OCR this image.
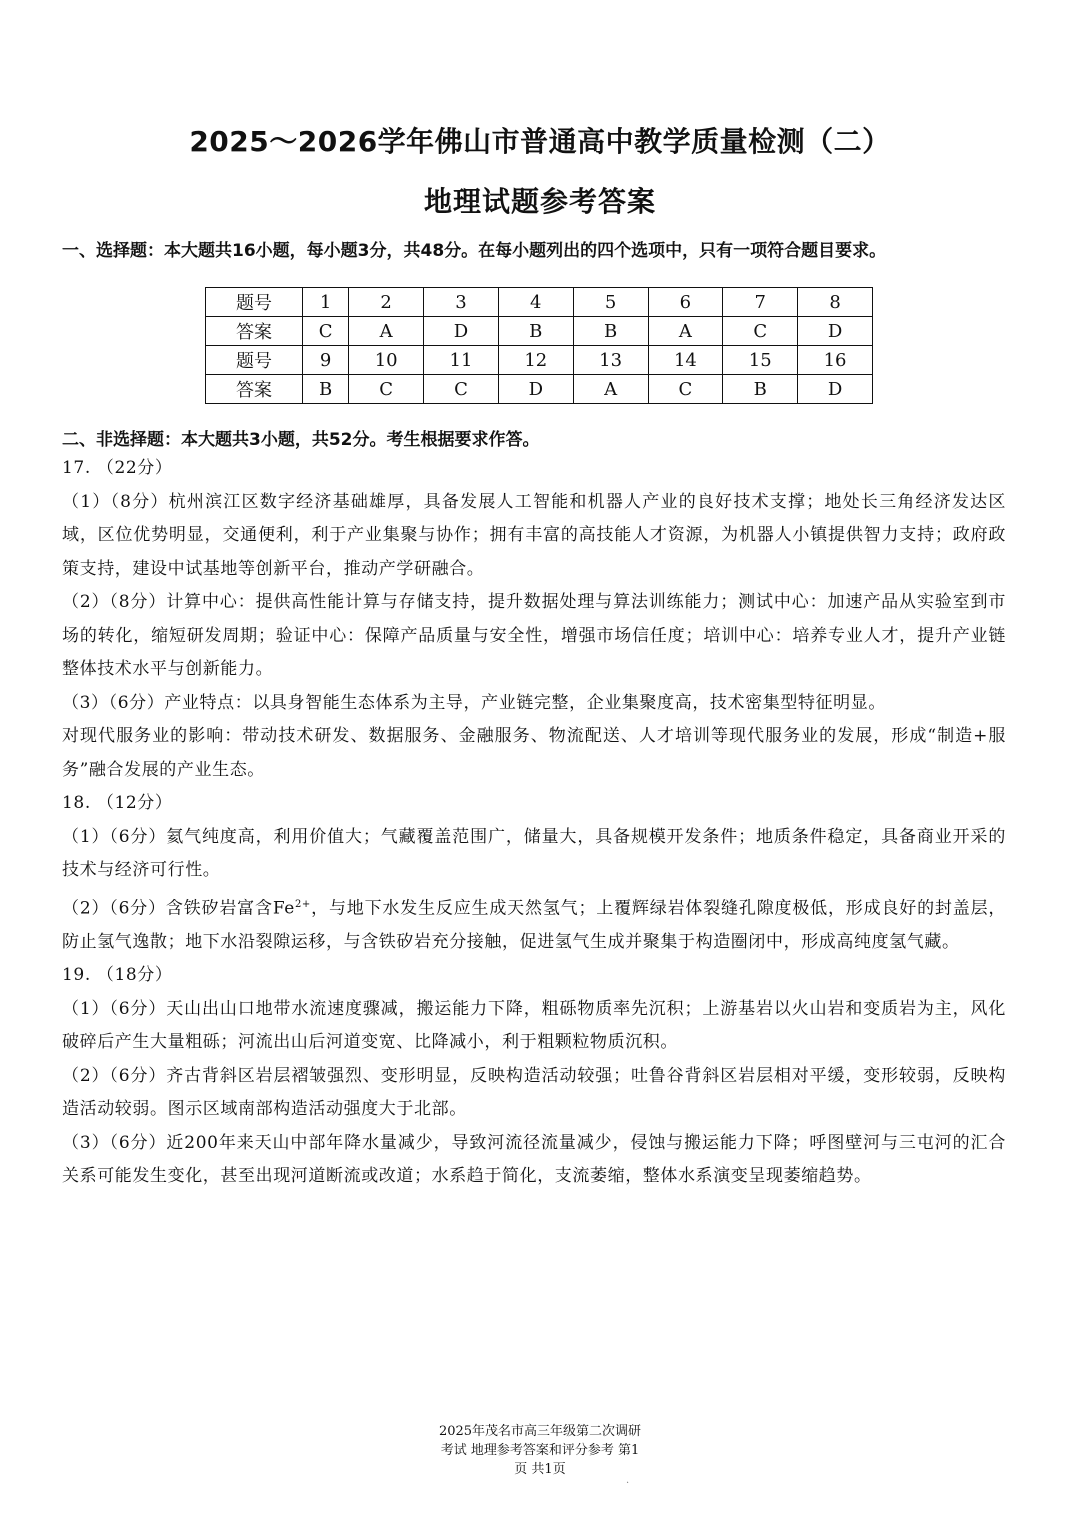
2025～2026学年佛山市普通高中教学质量检测（二）
地理试题参考答案
一、选择题：本大题共16小题，每小题3分，共48分。在每小题列出的四个选项中，只有一项符合题目要求。
题号	1	2	3	4	5	6	7	8
答案	C	A	D	B	B	A	C	D
题号	9	10	11	12	13	14	15	16
答案	B	C	C	D	A	C	B	D
二、非选择题：本大题共3小题，共52分。考生根据要求作答。

17. （22分）

（1）（8分）杭州滨江区数字经济基础雄厚，具备发展人工智能和机器人产业的良好技术支撑；地处长三角经济发达区域，区位优势明显，交通便利，利于产业集聚与协作；拥有丰富的高技能人才资源，为机器人小镇提供智力支持；政府政策支持，建设中试基地等创新平台，推动产学研融合。

（2）（8分）计算中心：提供高性能计算与存储支持，提升数据处理与算法训练能力；测试中心：加速产品从实验室到市场的转化，缩短研发周期；验证中心：保障产品质量与安全性，增强市场信任度；培训中心：培养专业人才，提升产业链整体技术水平与创新能力。

（3）（6分）产业特点：以具身智能生态体系为主导，产业链完整，企业集聚度高，技术密集型特征明显。

对现代服务业的影响：带动技术研发、数据服务、金融服务、物流配送、人才培训等现代服务业的发展，形成“制造+服务”融合发展的产业生态。

18. （12分）

（1）（6分）氦气纯度高，利用价值大；气藏覆盖范围广，储量大，具备规模开发条件；地质条件稳定，具备商业开采的技术与经济可行性。

（2）（6分）含铁矽岩富含$Fe^{2+}$，与地下水发生反应生成天然氢气；上覆辉绿岩体裂缝孔隙度极低，形成良好的封盖层，防止氢气逸散；地下水沿裂隙运移，与含铁矽岩充分接触，促进氢气生成并聚集于构造圈闭中，形成高纯度氢气藏。

19. （18分）

（1）（6分）天山出山口地带水流速度骤减，搬运能力下降，粗砾物质率先沉积；上游基岩以火山岩和变质岩为主，风化破碎后产生大量粗砾；河流出山后河道变宽、比降减小，利于粗颗粒物质沉积。

（2）（6分）齐古背斜区岩层褶皱强烈、变形明显，反映构造活动较强；吐鲁谷背斜区岩层相对平缓，变形较弱，反映构造活动较弱。图示区域南部构造活动强度大于北部。

（3）（6分）近200年来天山中部年降水量减少，导致河流径流量减少，侵蚀与搬运能力下降；呼图壁河与三屯河的汇合关系可能发生变化，甚至出现河道断流或改道；水系趋于简化，支流萎缩，整体水系演变呈现萎缩趋势。

2025年茂名市高三年级第二次调研
考试 地理参考答案和评分参考 第1
页 共1页
·
